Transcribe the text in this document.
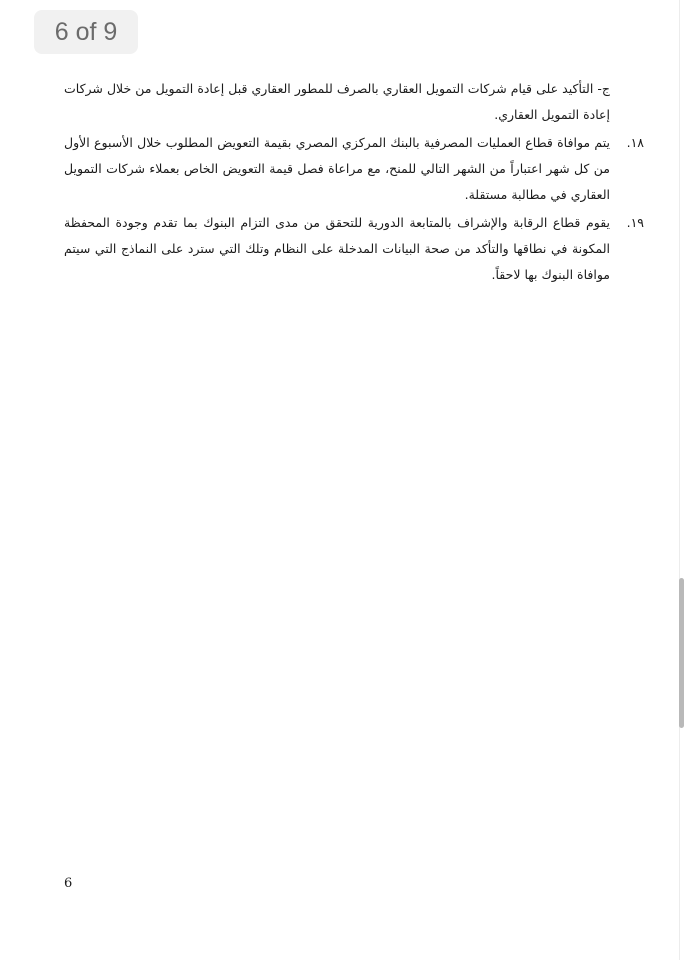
6 of 9
ج- التأكيد على قيام شركات التمويل العقاري بالصرف للمطور العقاري قبل إعادة التمويل من خلال شركات إعادة التمويل العقاري.
١٨.
يتم موافاة قطاع العمليات المصرفية بالبنك المركزي المصري بقيمة التعويض المطلوب خلال الأسبوع الأول من كل شهر اعتباراً من الشهر التالي للمنح، مع مراعاة فصل قيمة التعويض الخاص بعملاء شركات التمويل العقاري في مطالبة مستقلة.
١٩.
يقوم قطاع الرقابة والإشراف بالمتابعة الدورية للتحقق من مدى التزام البنوك بما تقدم وجودة المحفظة المكونة في نطاقها والتأكد من صحة البيانات المدخلة على النظام وتلك التي سترد على النماذج التي سيتم موافاة البنوك بها لاحقاً.
6
